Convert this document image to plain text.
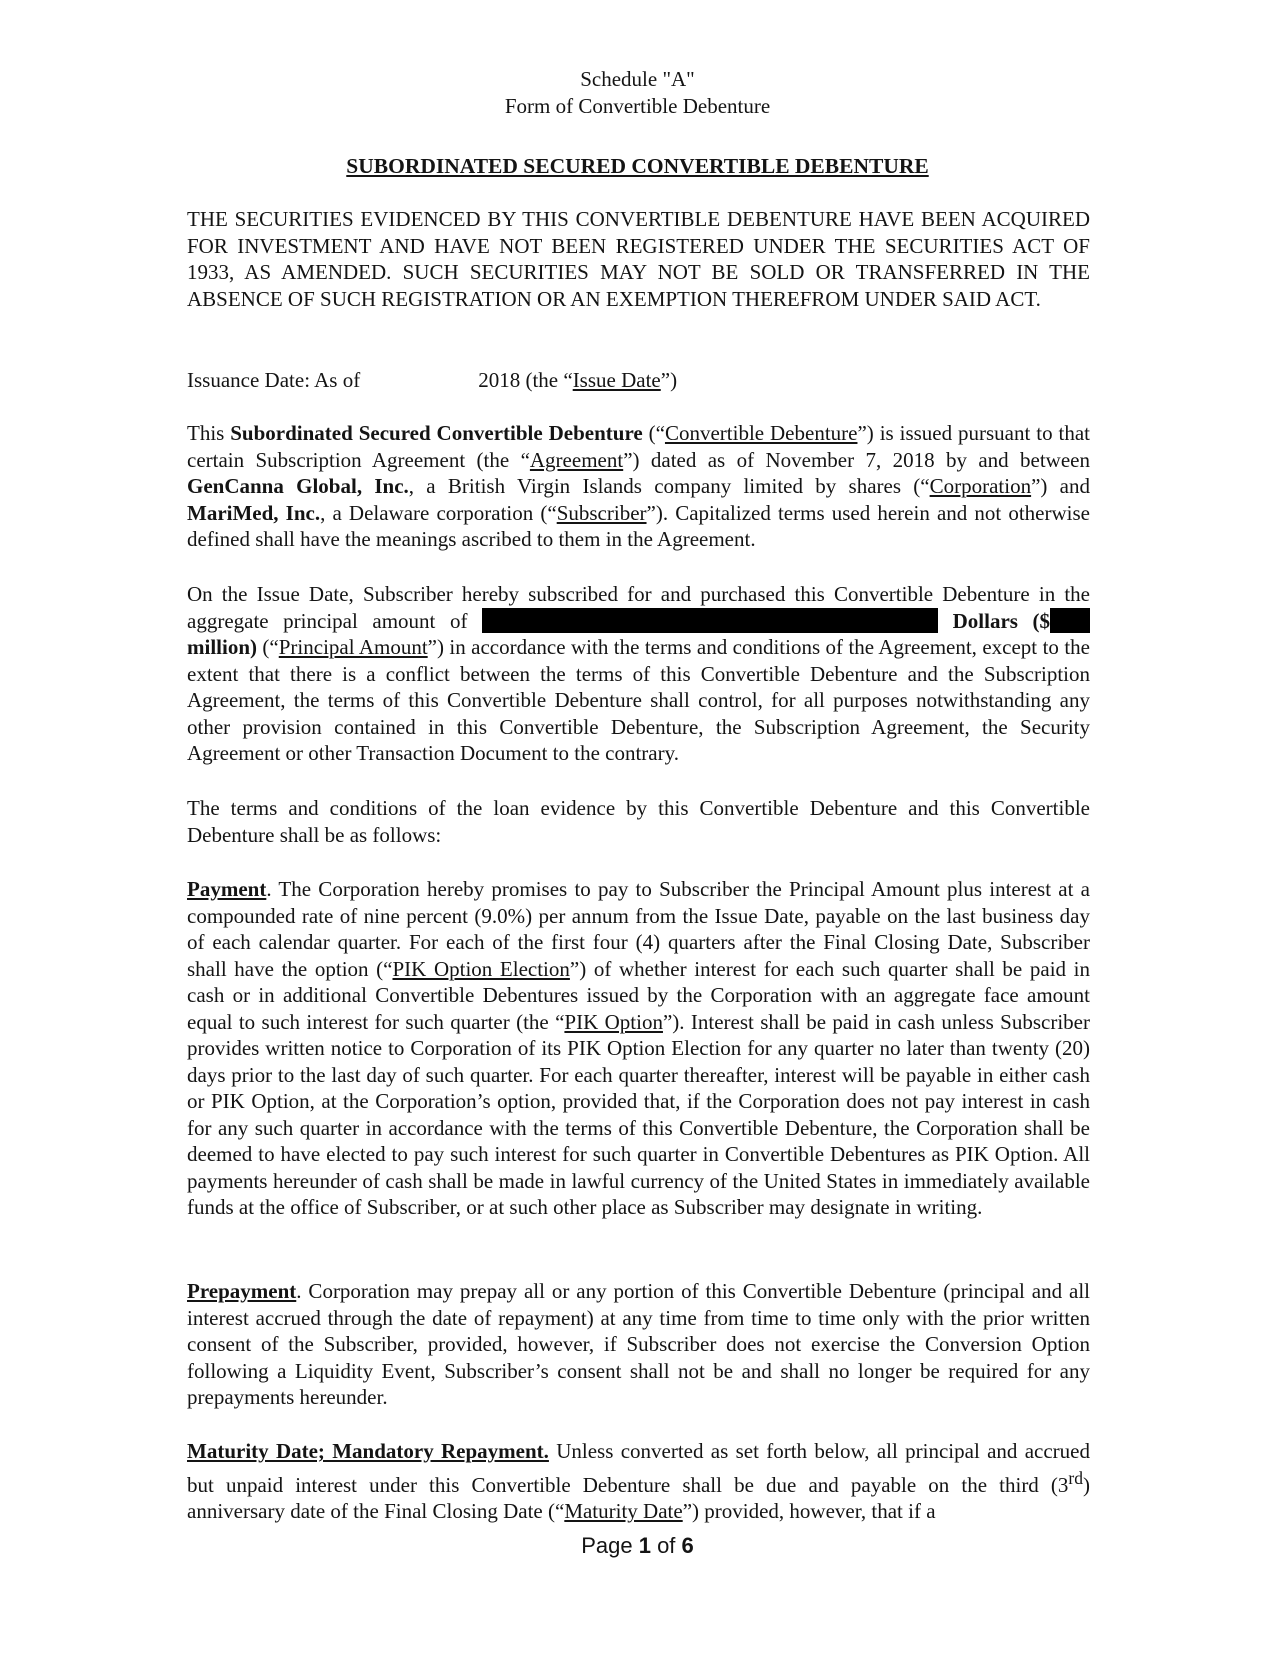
Schedule "A"
Form of Convertible Debenture
SUBORDINATED SECURED CONVERTIBLE DEBENTURE
THE SECURITIES EVIDENCED BY THIS CONVERTIBLE DEBENTURE HAVE BEEN ACQUIRED FOR INVESTMENT AND HAVE NOT BEEN REGISTERED UNDER THE SECURITIES ACT OF 1933, AS AMENDED. SUCH SECURITIES MAY NOT BE SOLD OR TRANSFERRED IN THE ABSENCE OF SUCH REGISTRATION OR AN EXEMPTION THEREFROM UNDER SAID ACT.
Issuance Date: As of	2018 (the “Issue Date”)
This Subordinated Secured Convertible Debenture (“Convertible Debenture”) is issued pursuant to that certain Subscription Agreement (the “Agreement”) dated as of November 7, 2018 by and between GenCanna Global, Inc., a British Virgin Islands company limited by shares (“Corporation”) and MariMed, Inc., a Delaware corporation (“Subscriber”). Capitalized terms used herein and not otherwise defined shall have the meanings ascribed to them in the Agreement.
On the Issue Date, Subscriber hereby subscribed for and purchased this Convertible Debenture in the aggregate principal amount of	Dollars ($ million) (“Principal Amount”) in accordance with the terms and conditions of the Agreement, except to the extent that there is a conflict between the terms of this Convertible Debenture and the Subscription Agreement, the terms of this Convertible Debenture shall control, for all purposes notwithstanding any other provision contained in this Convertible Debenture, the Subscription Agreement, the Security Agreement or other Transaction Document to the contrary.
The terms and conditions of the loan evidence by this Convertible Debenture and this Convertible Debenture shall be as follows:
Payment. The Corporation hereby promises to pay to Subscriber the Principal Amount plus interest at a compounded rate of nine percent (9.0%) per annum from the Issue Date, payable on the last business day of each calendar quarter. For each of the first four (4) quarters after the Final Closing Date, Subscriber shall have the option (“PIK Option Election”) of whether interest for each such quarter shall be paid in cash or in additional Convertible Debentures issued by the Corporation with an aggregate face amount equal to such interest for such quarter (the “PIK Option”). Interest shall be paid in cash unless Subscriber provides written notice to Corporation of its PIK Option Election for any quarter no later than twenty (20) days prior to the last day of such quarter. For each quarter thereafter, interest will be payable in either cash or PIK Option, at the Corporation’s option, provided that, if the Corporation does not pay interest in cash for any such quarter in accordance with the terms of this Convertible Debenture, the Corporation shall be deemed to have elected to pay such interest for such quarter in Convertible Debentures as PIK Option. All payments hereunder of cash shall be made in lawful currency of the United States in immediately available funds at the office of Subscriber, or at such other place as Subscriber may designate in writing.
Prepayment. Corporation may prepay all or any portion of this Convertible Debenture (principal and all interest accrued through the date of repayment) at any time from time to time only with the prior written consent of the Subscriber, provided, however, if Subscriber does not exercise the Conversion Option following a Liquidity Event, Subscriber’s consent shall not be and shall no longer be required for any prepayments hereunder.
Maturity Date; Mandatory Repayment. Unless converted as set forth below, all principal and accrued but unpaid interest under this Convertible Debenture shall be due and payable on the third (3rd) anniversary date of the Final Closing Date (“Maturity Date”) provided, however, that if a
Page 1 of 6
